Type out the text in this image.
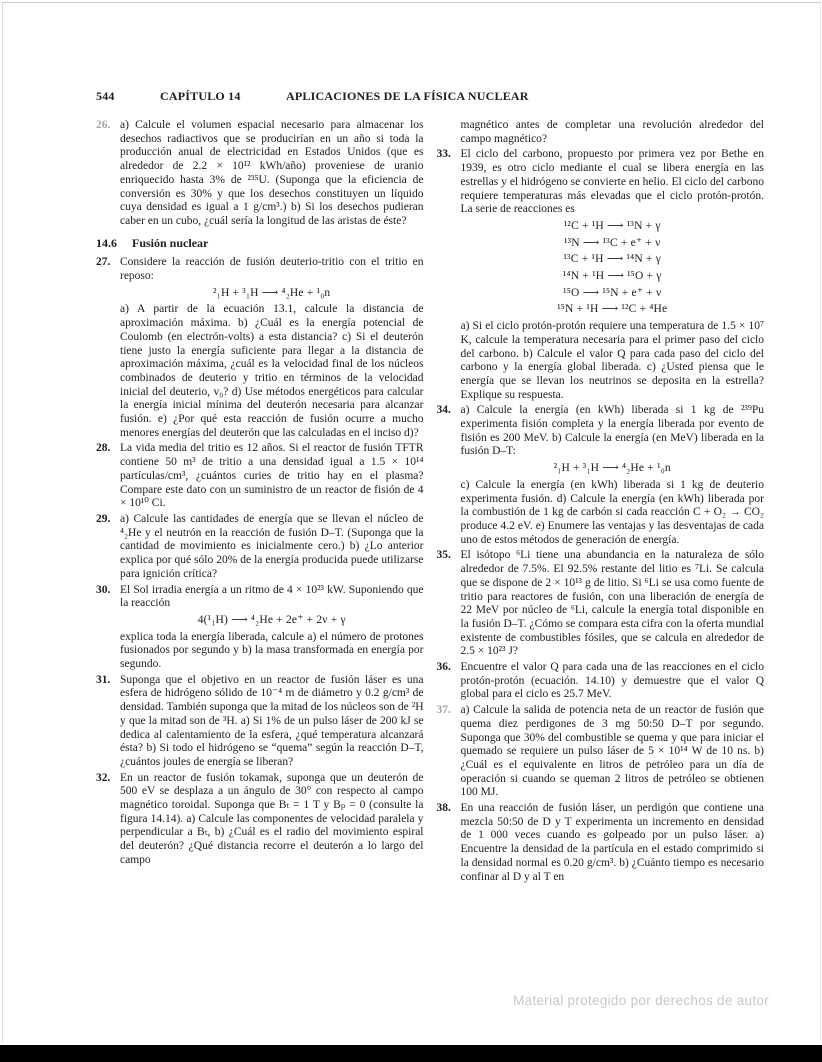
544	CAPÍTULO 14	APLICACIONES DE LA FÍSICA NUCLEAR
26. a) Calcule el volumen espacial necesario para almacenar los desechos radiactivos que se producirían en un año si toda la producción anual de electricidad en Estados Unidos (que es alrededor de 2.2 × 10¹² kWh/año) proveniese de uranio enriquecido hasta 3% de ²³⁵U. (Suponga que la eficiencia de conversión es 30% y que los desechos constituyen un líquido cuya densidad es igual a 1 g/cm³.) b) Si los desechos pudieran caber en un cubo, ¿cuál sería la longitud de las aristas de éste?
14.6 Fusión nuclear
27. Considere la reacción de fusión deuterio-tritio con el tritio en reposo:
²₁H + ³₁H ⟶ ⁴₂He + ¹₀n
a) A partir de la ecuación 13.1, calcule la distancia de aproximación máxima. b) ¿Cuál es la energía potencial de Coulomb (en electrón-volts) a esta distancia? c) Si el deuterón tiene justo la energía suficiente para llegar a la distancia de aproximación máxima, ¿cuál es la velocidad final de los núcleos combinados de deuterio y tritio en términos de la velocidad inicial del deuterio, v₀? d) Use métodos energéticos para calcular la energía inicial mínima del deuterón necesaria para alcanzar fusión. e) ¿Por qué esta reacción de fusión ocurre a mucho menores energías del deuterón que las calculadas en el inciso d)?
28. La vida media del tritio es 12 años. Si el reactor de fusión TFTR contiene 50 m³ de tritio a una densidad igual a 1.5 × 10¹⁴ partículas/cm³, ¿cuántos curies de tritio hay en el plasma? Compare este dato con un suministro de un reactor de fisión de 4 × 10¹⁰ Ci.
29. a) Calcule las cantidades de energía que se llevan el núcleo de ⁴₂He y el neutrón en la reacción de fusión D–T. (Suponga que la cantidad de movimiento es inicialmente cero.) b) ¿Lo anterior explica por qué sólo 20% de la energía producida puede utilizarse para ignición crítica?
30. El Sol irradia energía a un ritmo de 4 × 10²³ kW. Suponiendo que la reacción
4(¹₁H) ⟶ ⁴₂He + 2e⁺ + 2ν + γ
explica toda la energía liberada, calcule a) el número de protones fusionados por segundo y b) la masa transformada en energía por segundo.
31. Suponga que el objetivo en un reactor de fusión láser es una esfera de hidrógeno sólido de 10⁻⁴ m de diámetro y 0.2 g/cm³ de densidad. También suponga que la mitad de los núcleos son de ²H y que la mitad son de ³H. a) Si 1% de un pulso láser de 200 kJ se dedica al calentamiento de la esfera, ¿qué temperatura alcanzará ésta? b) Si todo el hidrógeno se “quema” según la reacción D–T, ¿cuántos joules de energía se liberan?
32. En un reactor de fusión tokamak, suponga que un deuterón de 500 eV se desplaza a un ángulo de 30° con respecto al campo magnético toroidal. Suponga que Bₜ = 1 T y Bₚ = 0 (consulte la figura 14.14). a) Calcule las componentes de velocidad paralela y perpendicular a Bₜ, b) ¿Cuál es el radio del movimiento espiral del deuterón? ¿Qué distancia recorre el deuterón a lo largo del campo
magnético antes de completar una revolución alrededor del campo magnético?
33. El ciclo del carbono, propuesto por primera vez por Bethe en 1939, es otro ciclo mediante el cual se libera energía en las estrellas y el hidrógeno se convierte en helio. El ciclo del carbono requiere temperaturas más elevadas que el ciclo protón-protón. La serie de reacciones es
¹²C + ¹H ⟶ ¹³N + γ
¹³N ⟶ ¹³C + e⁺ + ν
¹³C + ¹H ⟶ ¹⁴N + γ
¹⁴N + ¹H ⟶ ¹⁵O + γ
¹⁵O ⟶ ¹⁵N + e⁺ + ν
¹⁵N + ¹H ⟶ ¹²C + ⁴He
a) Si el ciclo protón-protón requiere una temperatura de 1.5 × 10⁷ K, calcule la temperatura necesaria para el primer paso del ciclo del carbono. b) Calcule el valor Q para cada paso del ciclo del carbono y la energía global liberada. c) ¿Usted piensa que le energía que se llevan los neutrinos se deposita en la estrella? Explique su respuesta.
34. a) Calcule la energía (en kWh) liberada si 1 kg de ²³⁹Pu experimenta fisión completa y la energía liberada por evento de fisión es 200 MeV. b) Calcule la energía (en MeV) liberada en la fusión D–T:
²₁H + ³₁H ⟶ ⁴₂He + ¹₀n
c) Calcule la energía (en kWh) liberada si 1 kg de deuterio experimenta fusión. d) Calcule la energía (en kWh) liberada por la combustión de 1 kg de carbón si cada reacción C + O₂ → CO₂ produce 4.2 eV. e) Enumere las ventajas y las desventajas de cada uno de estos métodos de generación de energía.
35. El isótopo ⁶Li tiene una abundancia en la naturaleza de sólo alrededor de 7.5%. El 92.5% restante del litio es ⁷Li. Se calcula que se dispone de 2 × 10¹³ g de litio. Si ⁶Li se usa como fuente de tritio para reactores de fusión, con una liberación de energía de 22 MeV por núcleo de ⁶Li, calcule la energía total disponible en la fusión D–T. ¿Cómo se compara esta cifra con la oferta mundial existente de combustibles fósiles, que se calcula en alrededor de 2.5 × 10²³ J?
36. Encuentre el valor Q para cada una de las reacciones en el ciclo protón-protón (ecuación. 14.10) y demuestre que el valor Q global para el ciclo es 25.7 MeV.
37. a) Calcule la salida de potencia neta de un reactor de fusión que quema diez perdigones de 3 mg 50:50 D–T por segundo. Suponga que 30% del combustible se quema y que para iniciar el quemado se requiere un pulso láser de 5 × 10¹⁴ W de 10 ns. b) ¿Cuál es el equivalente en litros de petróleo para un día de operación si cuando se queman 2 litros de petróleo se obtienen 100 MJ.
38. En una reacción de fusión láser, un perdigón que contiene una mezcla 50:50 de D y T experimenta un incremento en densidad de 1 000 veces cuando es golpeado por un pulso láser. a) Encuentre la densidad de la partícula en el estado comprimido si la densidad normal es 0.20 g/cm³. b) ¿Cuánto tiempo es necesario confinar al D y al T en
Material protegido por derechos de autor
